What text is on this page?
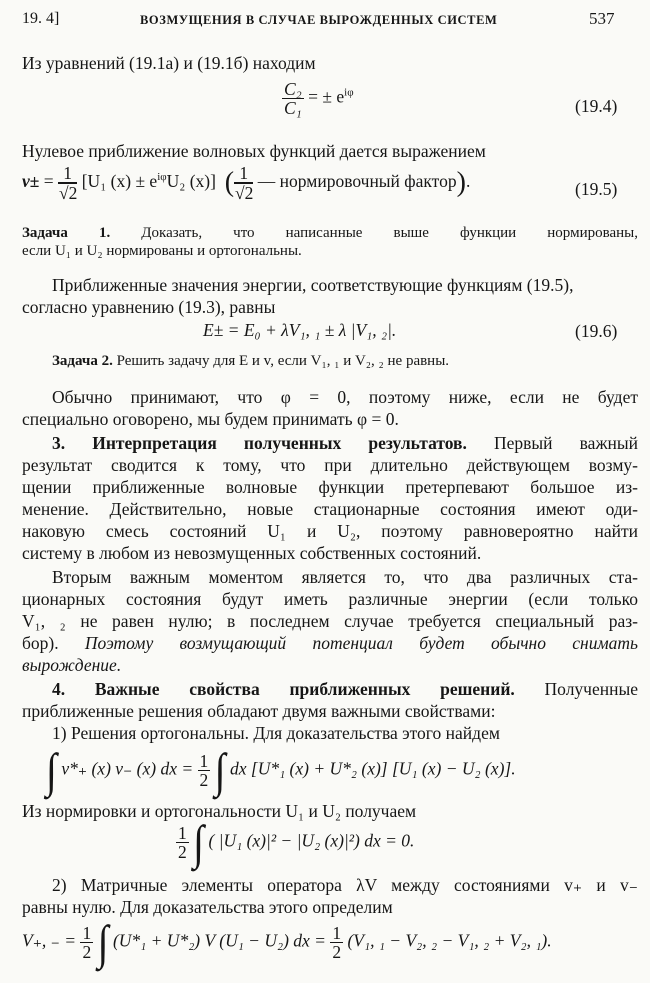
19. 4]	ВОЗМУЩЕНИЯ В СЛУЧАЕ ВЫРОЖДЕННЫХ СИСТЕМ	537
Из уравнений (19.1а) и (19.1б) находим
$\frac{\text{C₂}}{\text{C₁}}$ = ± $e^{i\varphi}$
(19.4)
Нулевое приближение волновых функций дается выражением
$v\pm = \frac{1}{√2} [U_1$ $(x) \pm e^{i\varphi}U_2$ (x)] ( $\frac{1}{√2}$ — нормировочный фактор).	(19.5)
Задача 1. Доказать, что написанные выше функции нормированы,
если U₁ и U₂ нормированы и ортогональны.
Приближенные значения энергии, соответствующие функциям (19.5),
согласно уравнению (19.3), равны
E± = E₀ + λV₁, ₁ ± λ |V₁, ₂|.	(19.6)
Задача 2. Решить задачу для E и v, если V₁, ₁ и V₂, ₂ не равны.
Обычно принимают, что φ = 0, поэтому ниже, если не будет
специально оговорено, мы будем принимать φ = 0.
3. Интерпретация полученных результатов. Первый важный
результат сводится к тому, что при длительно действующем возму-
щении приближенные волновые функции претерпевают большое из-
менение. Действительно, новые стационарные состояния имеют оди-
наковую смесь состояний U₁ и U₂, поэтому равновероятно найти
систему в любом из невозмущенных собственных состояний.
Вторым важным моментом является то, что два различных ста-
ционарных состояния будут иметь различные энергии (если только
V₁, ₂ не равен нулю; в последнем случае требуется специальный раз-
бор). Поэтому возмущающий потенциал будет обычно снимать
вырождение.
4. Важные свойства приближенных решений. Полученные
приближенные решения обладают двумя важными свойствами:
1) Решения ортогональны. Для доказательства этого найдем
∫ v*₊ (x) v₋ (x) dx = $\frac{1}{2}$ ∫ dx [U*₁ (x) + U*₂ (x)] [U₁ (x) − U₂ (x)].
Из нормировки и ортогональности U₁ и U₂ получаем
$\frac{1}{2}$ ∫ ( |U₁ (x)|² − |U₂ (x)|²) dx = 0.
2) Матричные элементы оператора λV между состояниями v₊ и v₋
равны нулю. Для доказательства этого определим
V₊, ₋ = $\frac{1}{2}$ ∫ (U*₁ + U*₂) V (U₁ − U₂) dx = $\frac{1}{2} (V_1$, ₁ − V₂, ₂ − V₁, ₂ + V₂, ₁).
